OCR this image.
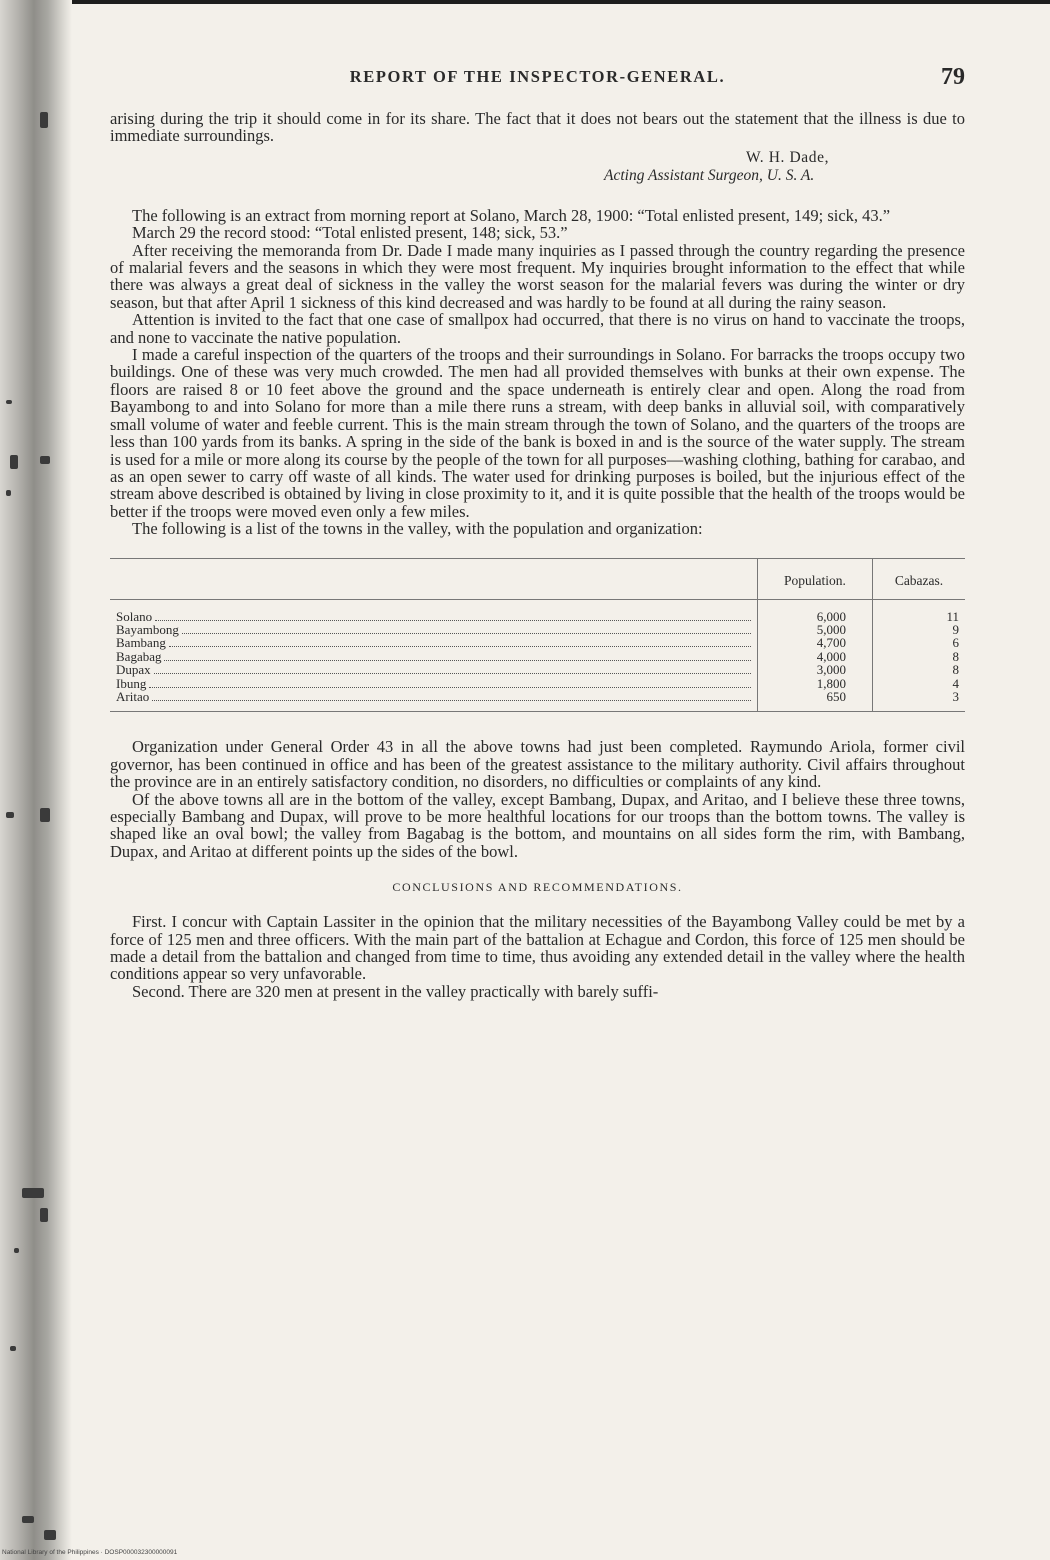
REPORT OF THE INSPECTOR-GENERAL.	79

arising during the trip it should come in for its share. The fact that it does not bears out the statement that the illness is due to immediate surroundings.

W. H. Dade,
Acting Assistant Surgeon, U. S. A.

The following is an extract from morning report at Solano, March 28, 1900: “Total enlisted present, 149; sick, 43.”

March 29 the record stood: “Total enlisted present, 148; sick, 53.”

After receiving the memoranda from Dr. Dade I made many inquiries as I passed through the country regarding the presence of malarial fevers and the seasons in which they were most frequent. My inquiries brought information to the effect that while there was always a great deal of sickness in the valley the worst season for the malarial fevers was during the winter or dry season, but that after April 1 sickness of this kind decreased and was hardly to be found at all during the rainy season.

Attention is invited to the fact that one case of smallpox had occurred, that there is no virus on hand to vaccinate the troops, and none to vaccinate the native population.

I made a careful inspection of the quarters of the troops and their surroundings in Solano. For barracks the troops occupy two buildings. One of these was very much crowded. The men had all provided themselves with bunks at their own expense. The floors are raised 8 or 10 feet above the ground and the space underneath is entirely clear and open. Along the road from Bayambong to and into Solano for more than a mile there runs a stream, with deep banks in alluvial soil, with comparatively small volume of water and feeble current. This is the main stream through the town of Solano, and the quarters of the troops are less than 100 yards from its banks. A spring in the side of the bank is boxed in and is the source of the water supply. The stream is used for a mile or more along its course by the people of the town for all purposes—washing clothing, bathing for carabao, and as an open sewer to carry off waste of all kinds. The water used for drinking purposes is boiled, but the injurious effect of the stream above described is obtained by living in close proximity to it, and it is quite possible that the health of the troops would be better if the troops were moved even only a few miles.

The following is a list of the towns in the valley, with the population and organization:

	Population.	Cabazas.

Solano	6,000	11

Bayambong	5,000	9

Bambang	4,700	6

Bagabag	4,000	8

Dupax	3,000	8

Ibung	1,800	4

Aritao	650	3

Organization under General Order 43 in all the above towns had just been completed. Raymundo Ariola, former civil governor, has been continued in office and has been of the greatest assistance to the military authority. Civil affairs throughout the province are in an entirely satisfactory condition, no disorders, no difficulties or complaints of any kind.

Of the above towns all are in the bottom of the valley, except Bambang, Dupax, and Aritao, and I believe these three towns, especially Bambang and Dupax, will prove to be more healthful locations for our troops than the bottom towns. The valley is shaped like an oval bowl; the valley from Bagabag is the bottom, and mountains on all sides form the rim, with Bambang, Dupax, and Aritao at different points up the sides of the bowl.

CONCLUSIONS AND RECOMMENDATIONS.

First. I concur with Captain Lassiter in the opinion that the military necessities of the Bayambong Valley could be met by a force of 125 men and three officers. With the main part of the battalion at Echague and Cordon, this force of 125 men should be made a detail from the battalion and changed from time to time, thus avoiding any extended detail in the valley where the health conditions appear so very unfavorable.

Second. There are 320 men at present in the valley practically with barely suffi-

National Library of the Philippines · DOSP000032300000091
